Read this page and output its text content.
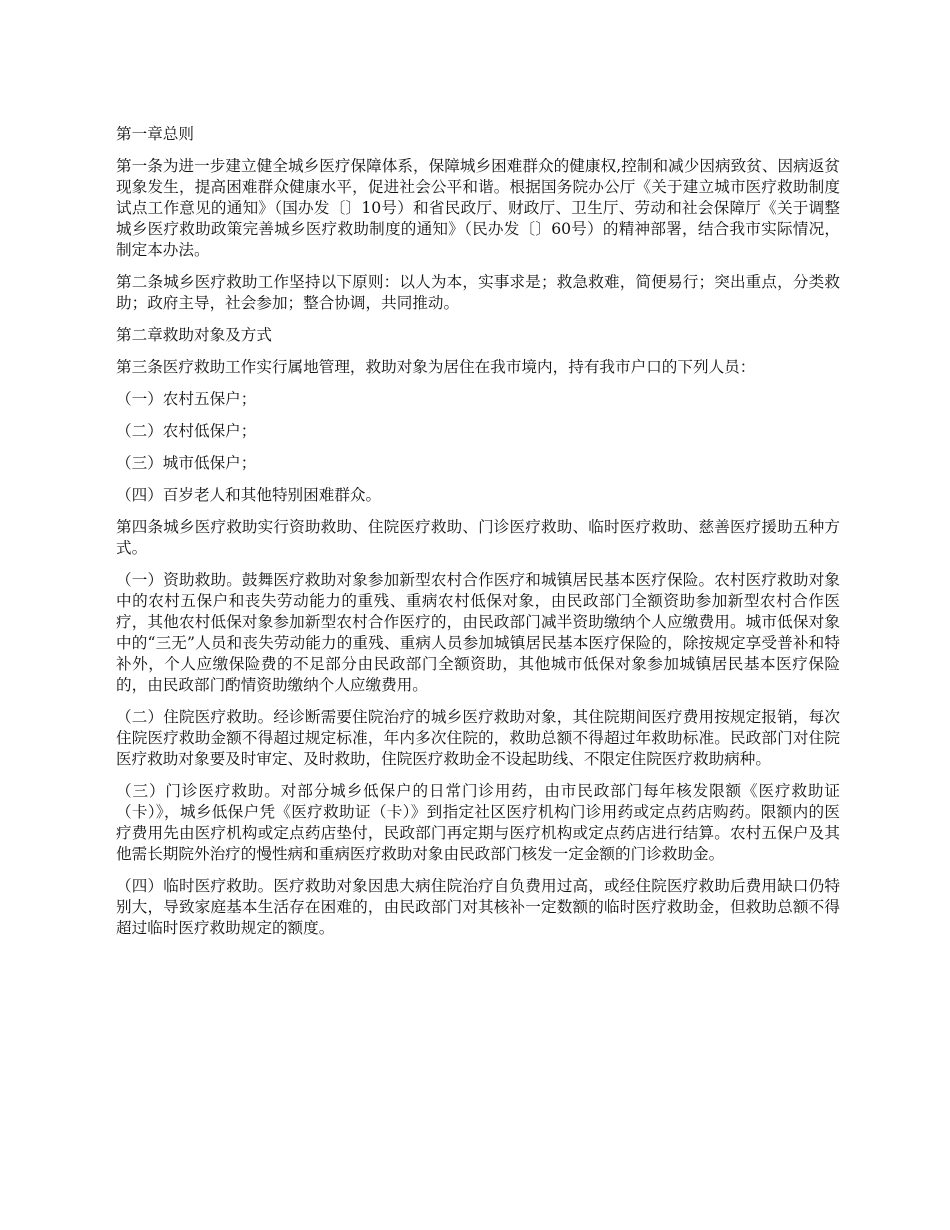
第一章总则

第一条为进一步建立健全城乡医疗保障体系，保障城乡困难群众的健康权,控制和减少因病致贫、因病返贫现象发生，提高困难群众健康水平，促进社会公平和谐。根据国务院办公厅《关于建立城市医疗救助制度试点工作意见的通知》（国办发〔〕10号）和省民政厅、财政厅、卫生厅、劳动和社会保障厅《关于调整城乡医疗救助政策完善城乡医疗救助制度的通知》（民办发〔〕60号）的精神部署，结合我市实际情况，制定本办法。

第二条城乡医疗救助工作坚持以下原则：以人为本，实事求是；救急救难，简便易行；突出重点，分类救助；政府主导，社会参加；整合协调，共同推动。

第二章救助对象及方式

第三条医疗救助工作实行属地管理，救助对象为居住在我市境内，持有我市户口的下列人员：

（一）农村五保户；

（二）农村低保户；

（三）城市低保户；

（四）百岁老人和其他特别困难群众。

第四条城乡医疗救助实行资助救助、住院医疗救助、门诊医疗救助、临时医疗救助、慈善医疗援助五种方式。

（一）资助救助。鼓舞医疗救助对象参加新型农村合作医疗和城镇居民基本医疗保险。农村医疗救助对象中的农村五保户和丧失劳动能力的重残、重病农村低保对象，由民政部门全额资助参加新型农村合作医疗，其他农村低保对象参加新型农村合作医疗的，由民政部门减半资助缴纳个人应缴费用。城市低保对象中的“三无”人员和丧失劳动能力的重残、重病人员参加城镇居民基本医疗保险的，除按规定享受普补和特补外，个人应缴保险费的不足部分由民政部门全额资助，其他城市低保对象参加城镇居民基本医疗保险的，由民政部门酌情资助缴纳个人应缴费用。

（二）住院医疗救助。经诊断需要住院治疗的城乡医疗救助对象，其住院期间医疗费用按规定报销，每次住院医疗救助金额不得超过规定标准，年内多次住院的，救助总额不得超过年救助标准。民政部门对住院医疗救助对象要及时审定、及时救助，住院医疗救助金不设起助线、不限定住院医疗救助病种。

（三）门诊医疗救助。对部分城乡低保户的日常门诊用药，由市民政部门每年核发限额《医疗救助证（卡）》，城乡低保户凭《医疗救助证（卡）》到指定社区医疗机构门诊用药或定点药店购药。限额内的医疗费用先由医疗机构或定点药店垫付，民政部门再定期与医疗机构或定点药店进行结算。农村五保户及其他需长期院外治疗的慢性病和重病医疗救助对象由民政部门核发一定金额的门诊救助金。

（四）临时医疗救助。医疗救助对象因患大病住院治疗自负费用过高，或经住院医疗救助后费用缺口仍特别大，导致家庭基本生活存在困难的，由民政部门对其核补一定数额的临时医疗救助金，但救助总额不得超过临时医疗救助规定的额度。
